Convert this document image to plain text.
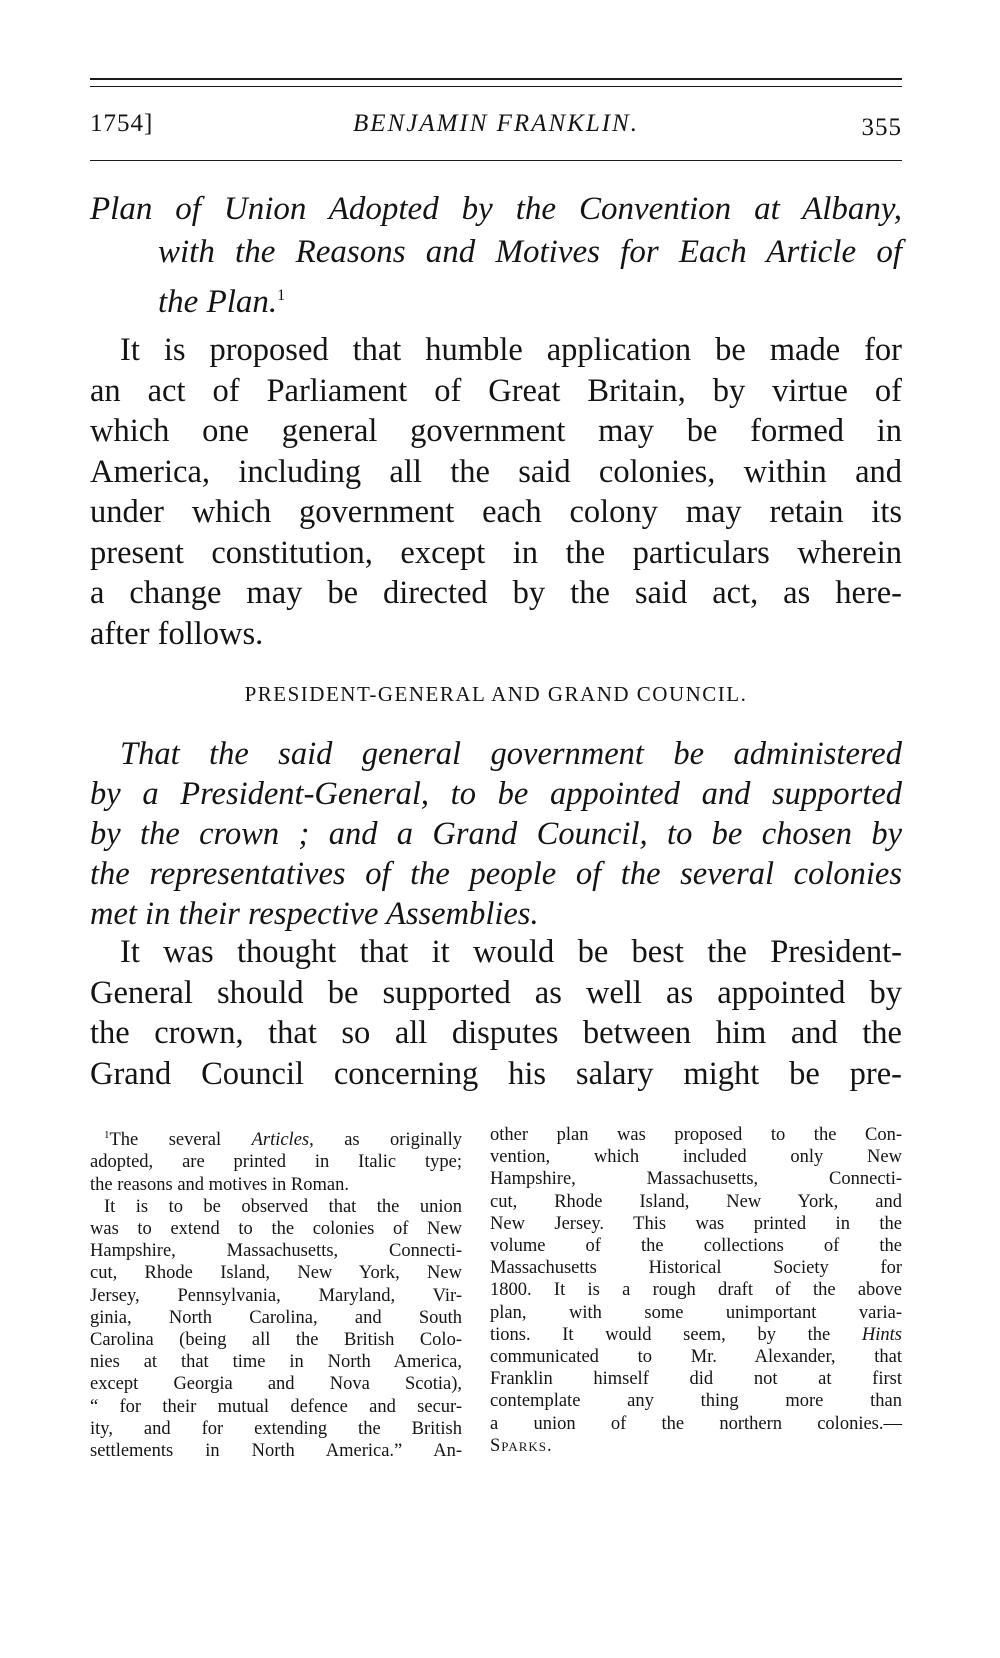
1754]	BENJAMIN FRANKLIN.	355
Plan of Union Adopted by the Convention at Albany,
with the Reasons and Motives for Each Article of
the Plan.$^1$

It is proposed that humble application be made for
an act of Parliament of Great Britain, by virtue of
which one general government may be formed in
America, including all the said colonies, within and
under which government each colony may retain its
present constitution, except in the particulars wherein
a change may be directed by the said act, as here-
after follows.

PRESIDENT-GENERAL AND GRAND COUNCIL.

That the said general government be administered
by a President-General, to be appointed and supported
by the crown ; and a Grand Council, to be chosen by
the representatives of the people of the several colonies
met in their respective Assemblies.

It was thought that it would be best the President-
General should be supported as well as appointed by
the crown, that so all disputes between him and the
Grand Council concerning his salary might be pre-

$^1$The several Articles, as originally
adopted, are printed in Italic type;
the reasons and motives in Roman.
It is to be observed that the union
was to extend to the colonies of New
Hampshire, Massachusetts, Connecti-
cut, Rhode Island, New York, New
Jersey, Pennsylvania, Maryland, Vir-
ginia, North Carolina, and South
Carolina (being all the British Colo-
nies at that time in North America,
except Georgia and Nova Scotia),
“ for their mutual defence and secur-
ity, and for extending the British
settlements in North America.” An-
other plan was proposed to the Con-
vention, which included only New
Hampshire, Massachusetts, Connecti-
cut, Rhode Island, New York, and
New Jersey. This was printed in the
volume of the collections of the
Massachusetts Historical Society for
1800. It is a rough draft of the above
plan, with some unimportant varia-
tions. It would seem, by the Hints
communicated to Mr. Alexander, that
Franklin himself did not at first
contemplate any thing more than
a union of the northern colonies.—
Sparks.
